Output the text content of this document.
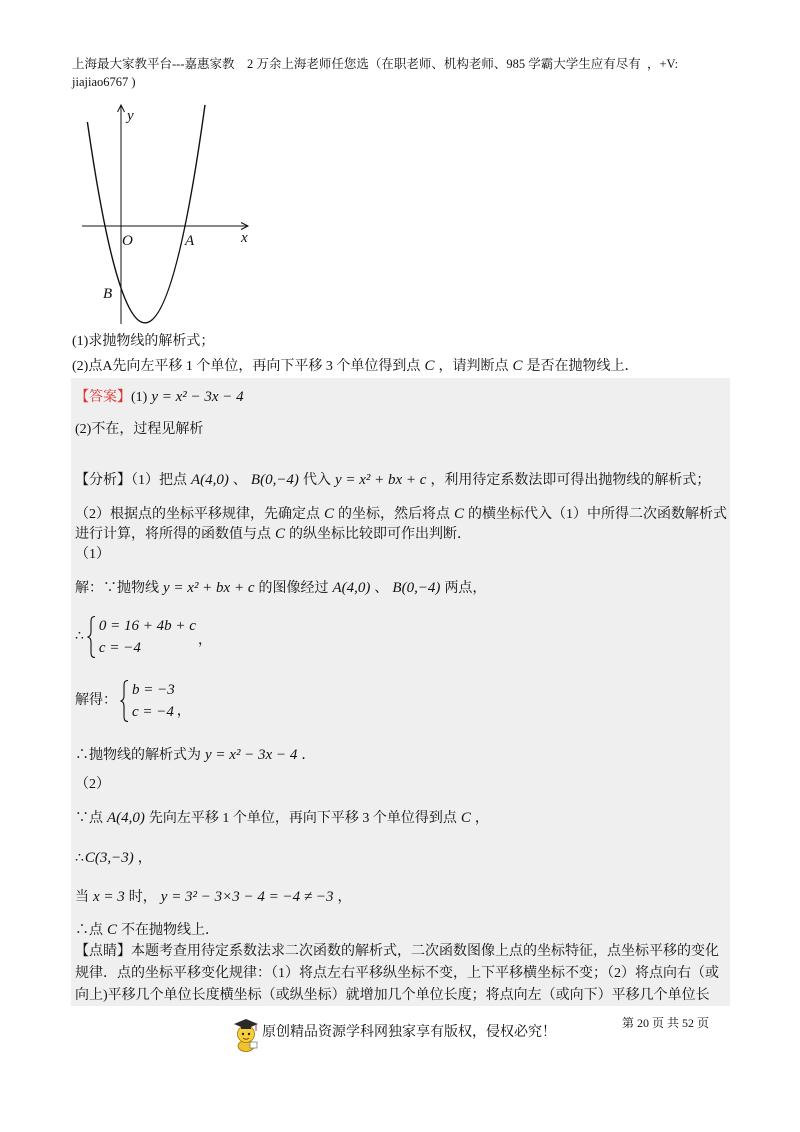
上海最大家教平台---嘉惠家教    2 万余上海老师任您选（在职老师、机构老师、985 学霸大学生应有尽有  ，+V:
jiajiao6767 )
y
x
O	A
B
(1)求抛物线的解析式；
(2)点A先向左平移 1 个单位，再向下平移 3 个单位得到点 C ，请判断点 C 是否在抛物线上．
【答案】(1) y = x² − 3x − 4
(2)不在，过程见解析
【分析】（1）把点 A(4,0) 、 B(0,−4) 代入 y = x² + bx + c ，利用待定系数法即可得出抛物线的解析式；
（2）根据点的坐标平移规律，先确定点 C 的坐标，然后将点 C 的横坐标代入（1）中所得二次函数解析式
进行计算，将所得的函数值与点 C 的纵坐标比较即可作出判断．
（1）
解：∵抛物线 y = x² + bx + c 的图像经过 A(4,0) 、 B(0,−4) 两点，
∴
0 = 16 + 4b + c
c = −4	，
解得：
b = −3
c = −4 ，
∴抛物线的解析式为 y = x² − 3x − 4 ．
（2）
∵点 A(4,0) 先向左平移 1 个单位，再向下平移 3 个单位得到点 C ，
∴C(3,−3) ，
当 x = 3 时， y = 3² − 3×3 − 4 = −4 ≠ −3 ，
∴点 C 不在抛物线上．
【点睛】本题考查用待定系数法求二次函数的解析式，二次函数图像上点的坐标特征，点坐标平移的变化
规律．点的坐标平移变化规律：（1）将点左右平移纵坐标不变，上下平移横坐标不变；（2）将点向右（或
向上)平移几个单位长度横坐标（或纵坐标）就增加几个单位长度；将点向左（或向下）平移几个单位长
第 20 页 共 52 页
原创精品资源学科网独家享有版权，侵权必究！
